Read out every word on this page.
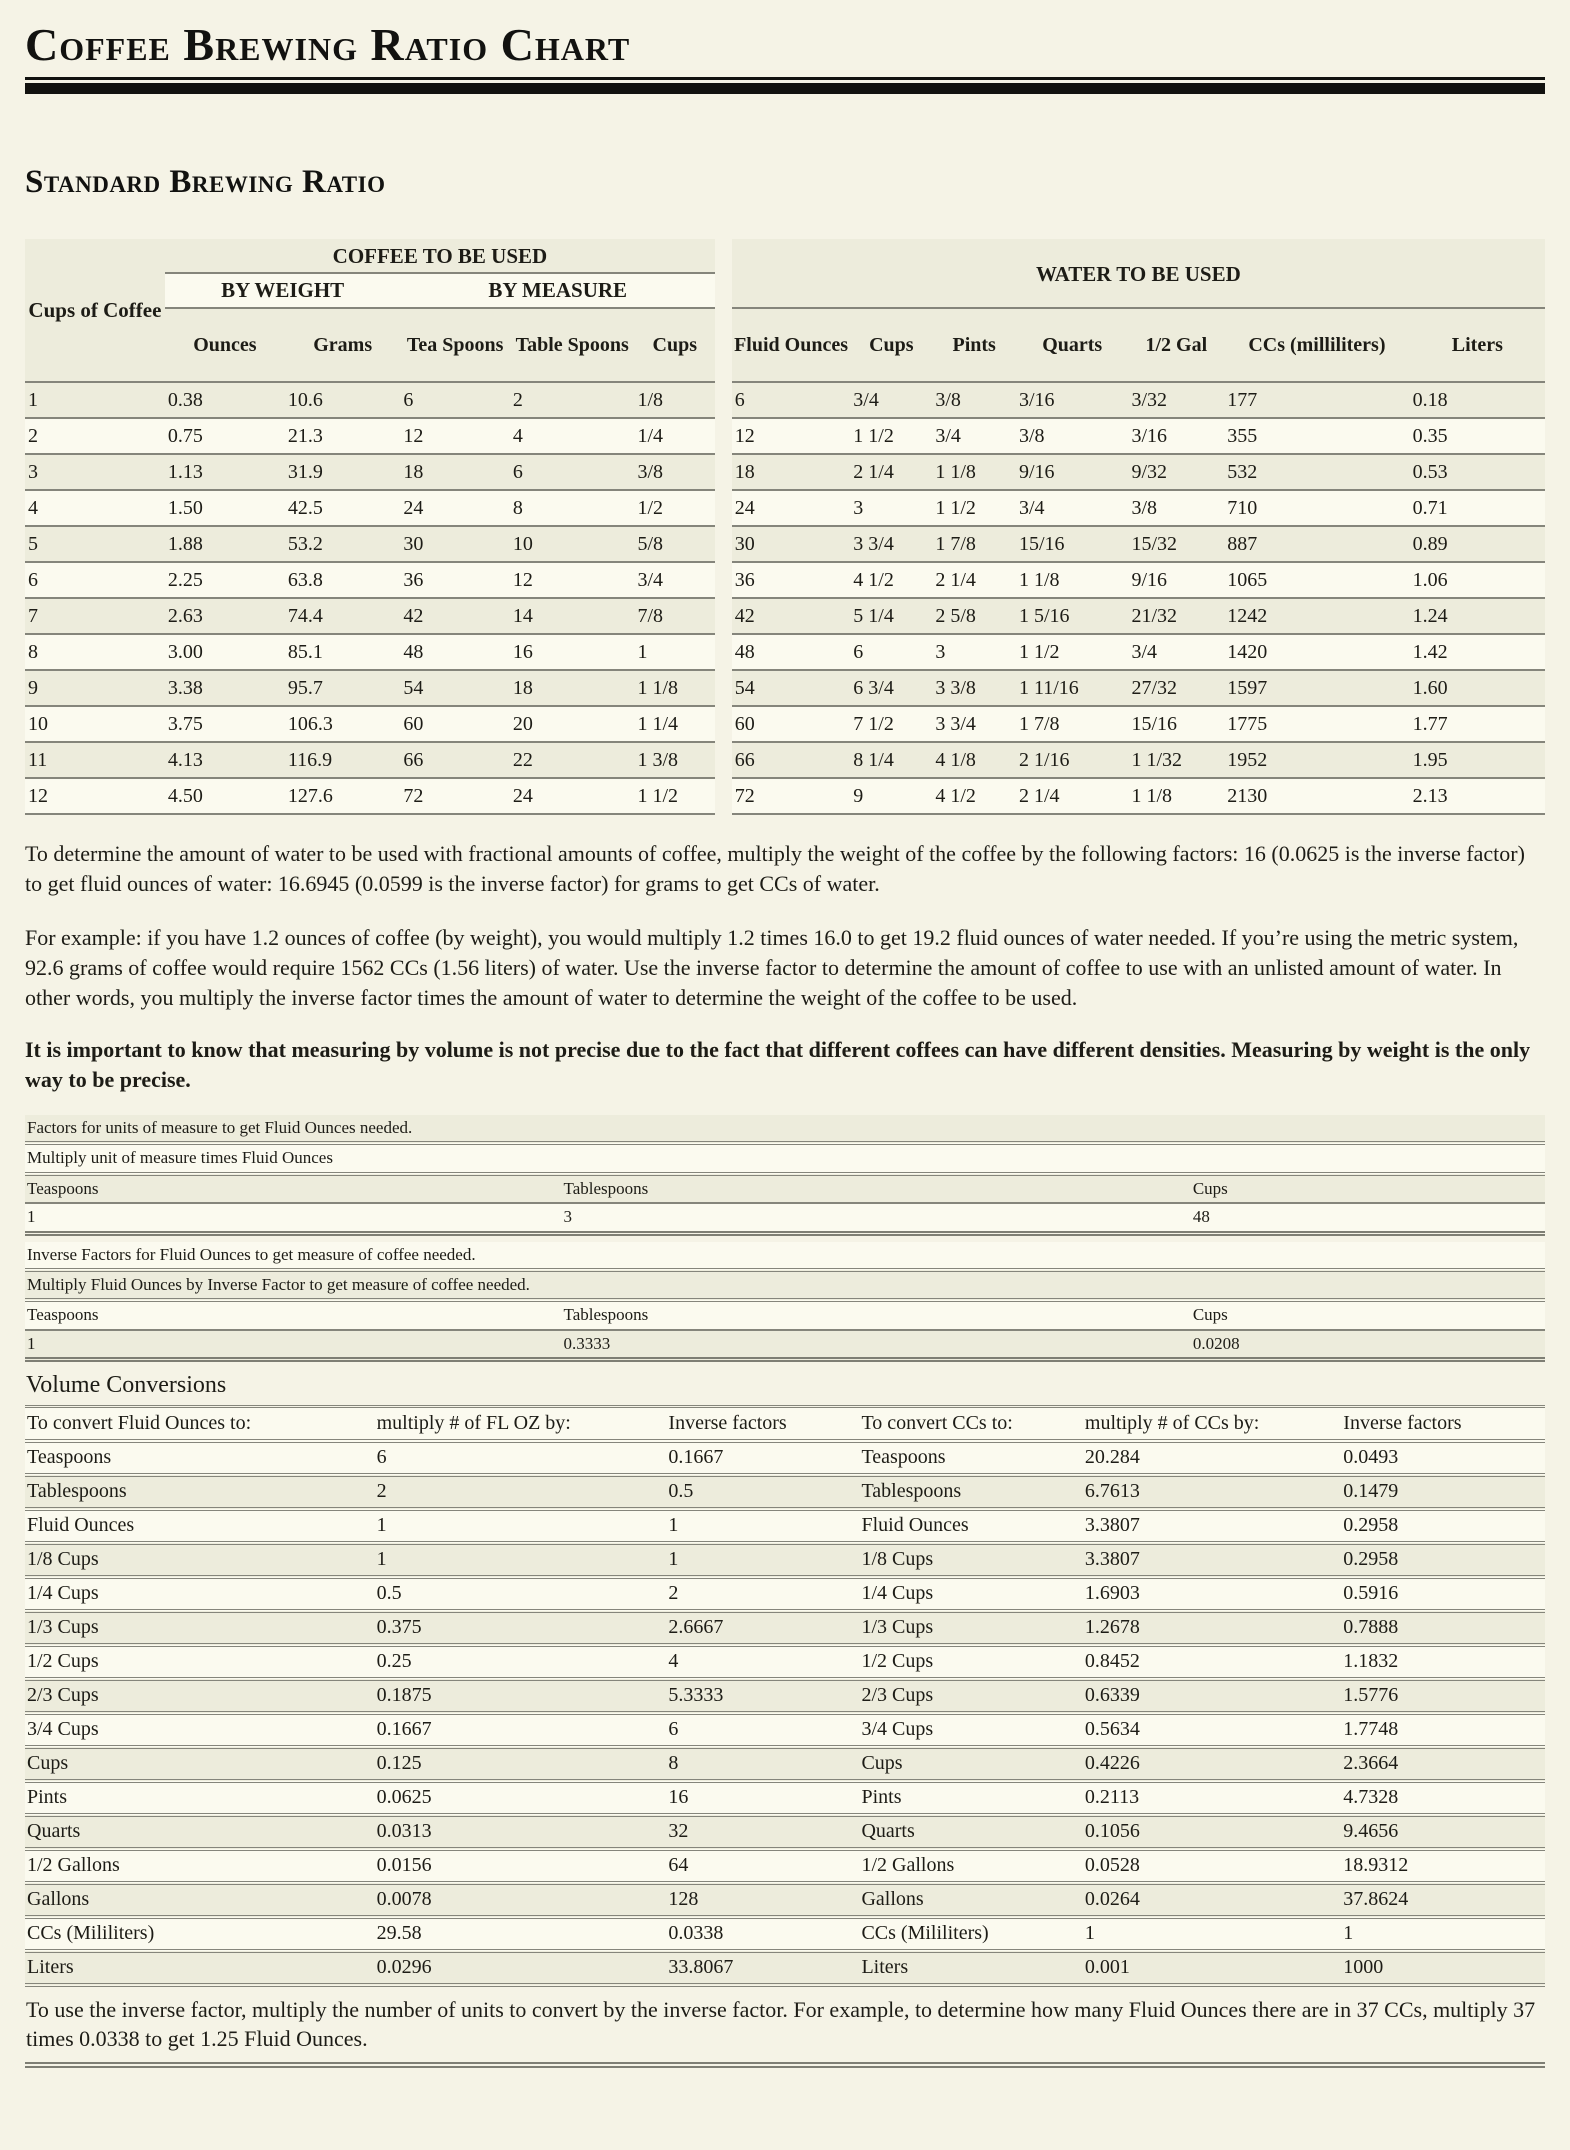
Coffee Brewing Ratio Chart
Standard Brewing Ratio
Cups of Coffee	COFFEE TO BE USED						WATER TO BE USED						
	BY WEIGHT		BY MEASURE										
	Ounces	Grams	Tea Spoons	Table Spoons	Cups		Fluid Ounces	Cups	Pints	Quarts	1/2 Gal	CCs (milliliters)	Liters
1	0.38	10.6	6	2	1/8		6	3/4	3/8	3/16	3/32	177	0.18
2	0.75	21.3	12	4	1/4		12	1 1/2	3/4	3/8	3/16	355	0.35
3	1.13	31.9	18	6	3/8		18	2 1/4	1 1/8	9/16	9/32	532	0.53
4	1.50	42.5	24	8	1/2		24	3	1 1/2	3/4	3/8	710	0.71
5	1.88	53.2	30	10	5/8		30	3 3/4	1 7/8	15/16	15/32	887	0.89
6	2.25	63.8	36	12	3/4		36	4 1/2	2 1/4	1 1/8	9/16	1065	1.06
7	2.63	74.4	42	14	7/8		42	5 1/4	2 5/8	1 5/16	21/32	1242	1.24
8	3.00	85.1	48	16	1		48	6	3	1 1/2	3/4	1420	1.42
9	3.38	95.7	54	18	1 1/8		54	6 3/4	3 3/8	1 11/16	27/32	1597	1.60
10	3.75	106.3	60	20	1 1/4		60	7 1/2	3 3/4	1 7/8	15/16	1775	1.77
11	4.13	116.9	66	22	1 3/8		66	8 1/4	4 1/8	2 1/16	1 1/32	1952	1.95
12	4.50	127.6	72	24	1 1/2		72	9	4 1/2	2 1/4	1 1/8	2130	2.13

To determine the amount of water to be used with fractional amounts of coffee, multiply the weight of the coffee by the following factors: 16 (0.0625 is the inverse factor) to get fluid ounces of water: 16.6945 (0.0599 is the inverse factor) for grams to get CCs of water.

For example: if you have 1.2 ounces of coffee (by weight), you would multiply 1.2 times 16.0 to get 19.2 fluid ounces of water needed. If you’re using the metric system, 92.6 grams of coffee would require 1562 CCs (1.56 liters) of water. Use the inverse factor to determine the amount of coffee to use with an unlisted amount of water. In other words, you multiply the inverse factor times the amount of water to determine the weight of the coffee to be used.

It is important to know that measuring by volume is not precise due to the fact that different coffees can have different densities. Measuring by weight is the only way to be precise.

Factors for units of measure to get Fluid Ounces needed.		
Multiply unit of measure times Fluid Ounces		
Teaspoons	Tablespoons	Cups
1	3	48
Inverse Factors for Fluid Ounces to get measure of coffee needed.		
Multiply Fluid Ounces by Inverse Factor to get measure of coffee needed.		
Teaspoons	Tablespoons	Cups
1	0.3333	0.0208
Volume Conversions
To convert Fluid Ounces to:	multiply # of FL OZ by:	Inverse factors	To convert CCs to:	multiply # of CCs by:	Inverse factors
Teaspoons	6	0.1667	Teaspoons	20.284	0.0493
Tablespoons	2	0.5	Tablespoons	6.7613	0.1479
Fluid Ounces	1	1	Fluid Ounces	3.3807	0.2958
1/8 Cups	1	1	1/8 Cups	3.3807	0.2958
1/4 Cups	0.5	2	1/4 Cups	1.6903	0.5916
1/3 Cups	0.375	2.6667	1/3 Cups	1.2678	0.7888
1/2 Cups	0.25	4	1/2 Cups	0.8452	1.1832
2/3 Cups	0.1875	5.3333	2/3 Cups	0.6339	1.5776
3/4 Cups	0.1667	6	3/4 Cups	0.5634	1.7748
Cups	0.125	8	Cups	0.4226	2.3664
Pints	0.0625	16	Pints	0.2113	4.7328
Quarts	0.0313	32	Quarts	0.1056	9.4656
1/2 Gallons	0.0156	64	1/2 Gallons	0.0528	18.9312
Gallons	0.0078	128	Gallons	0.0264	37.8624
CCs (Mililiters)	29.58	0.0338	CCs (Mililiters)	1	1
Liters	0.0296	33.8067	Liters	0.001	1000
To use the inverse factor, multiply the number of units to convert by the inverse factor. For example, to determine how many Fluid Ounces there are in 37 CCs, multiply 37 times 0.0338 to get 1.25 Fluid Ounces.
